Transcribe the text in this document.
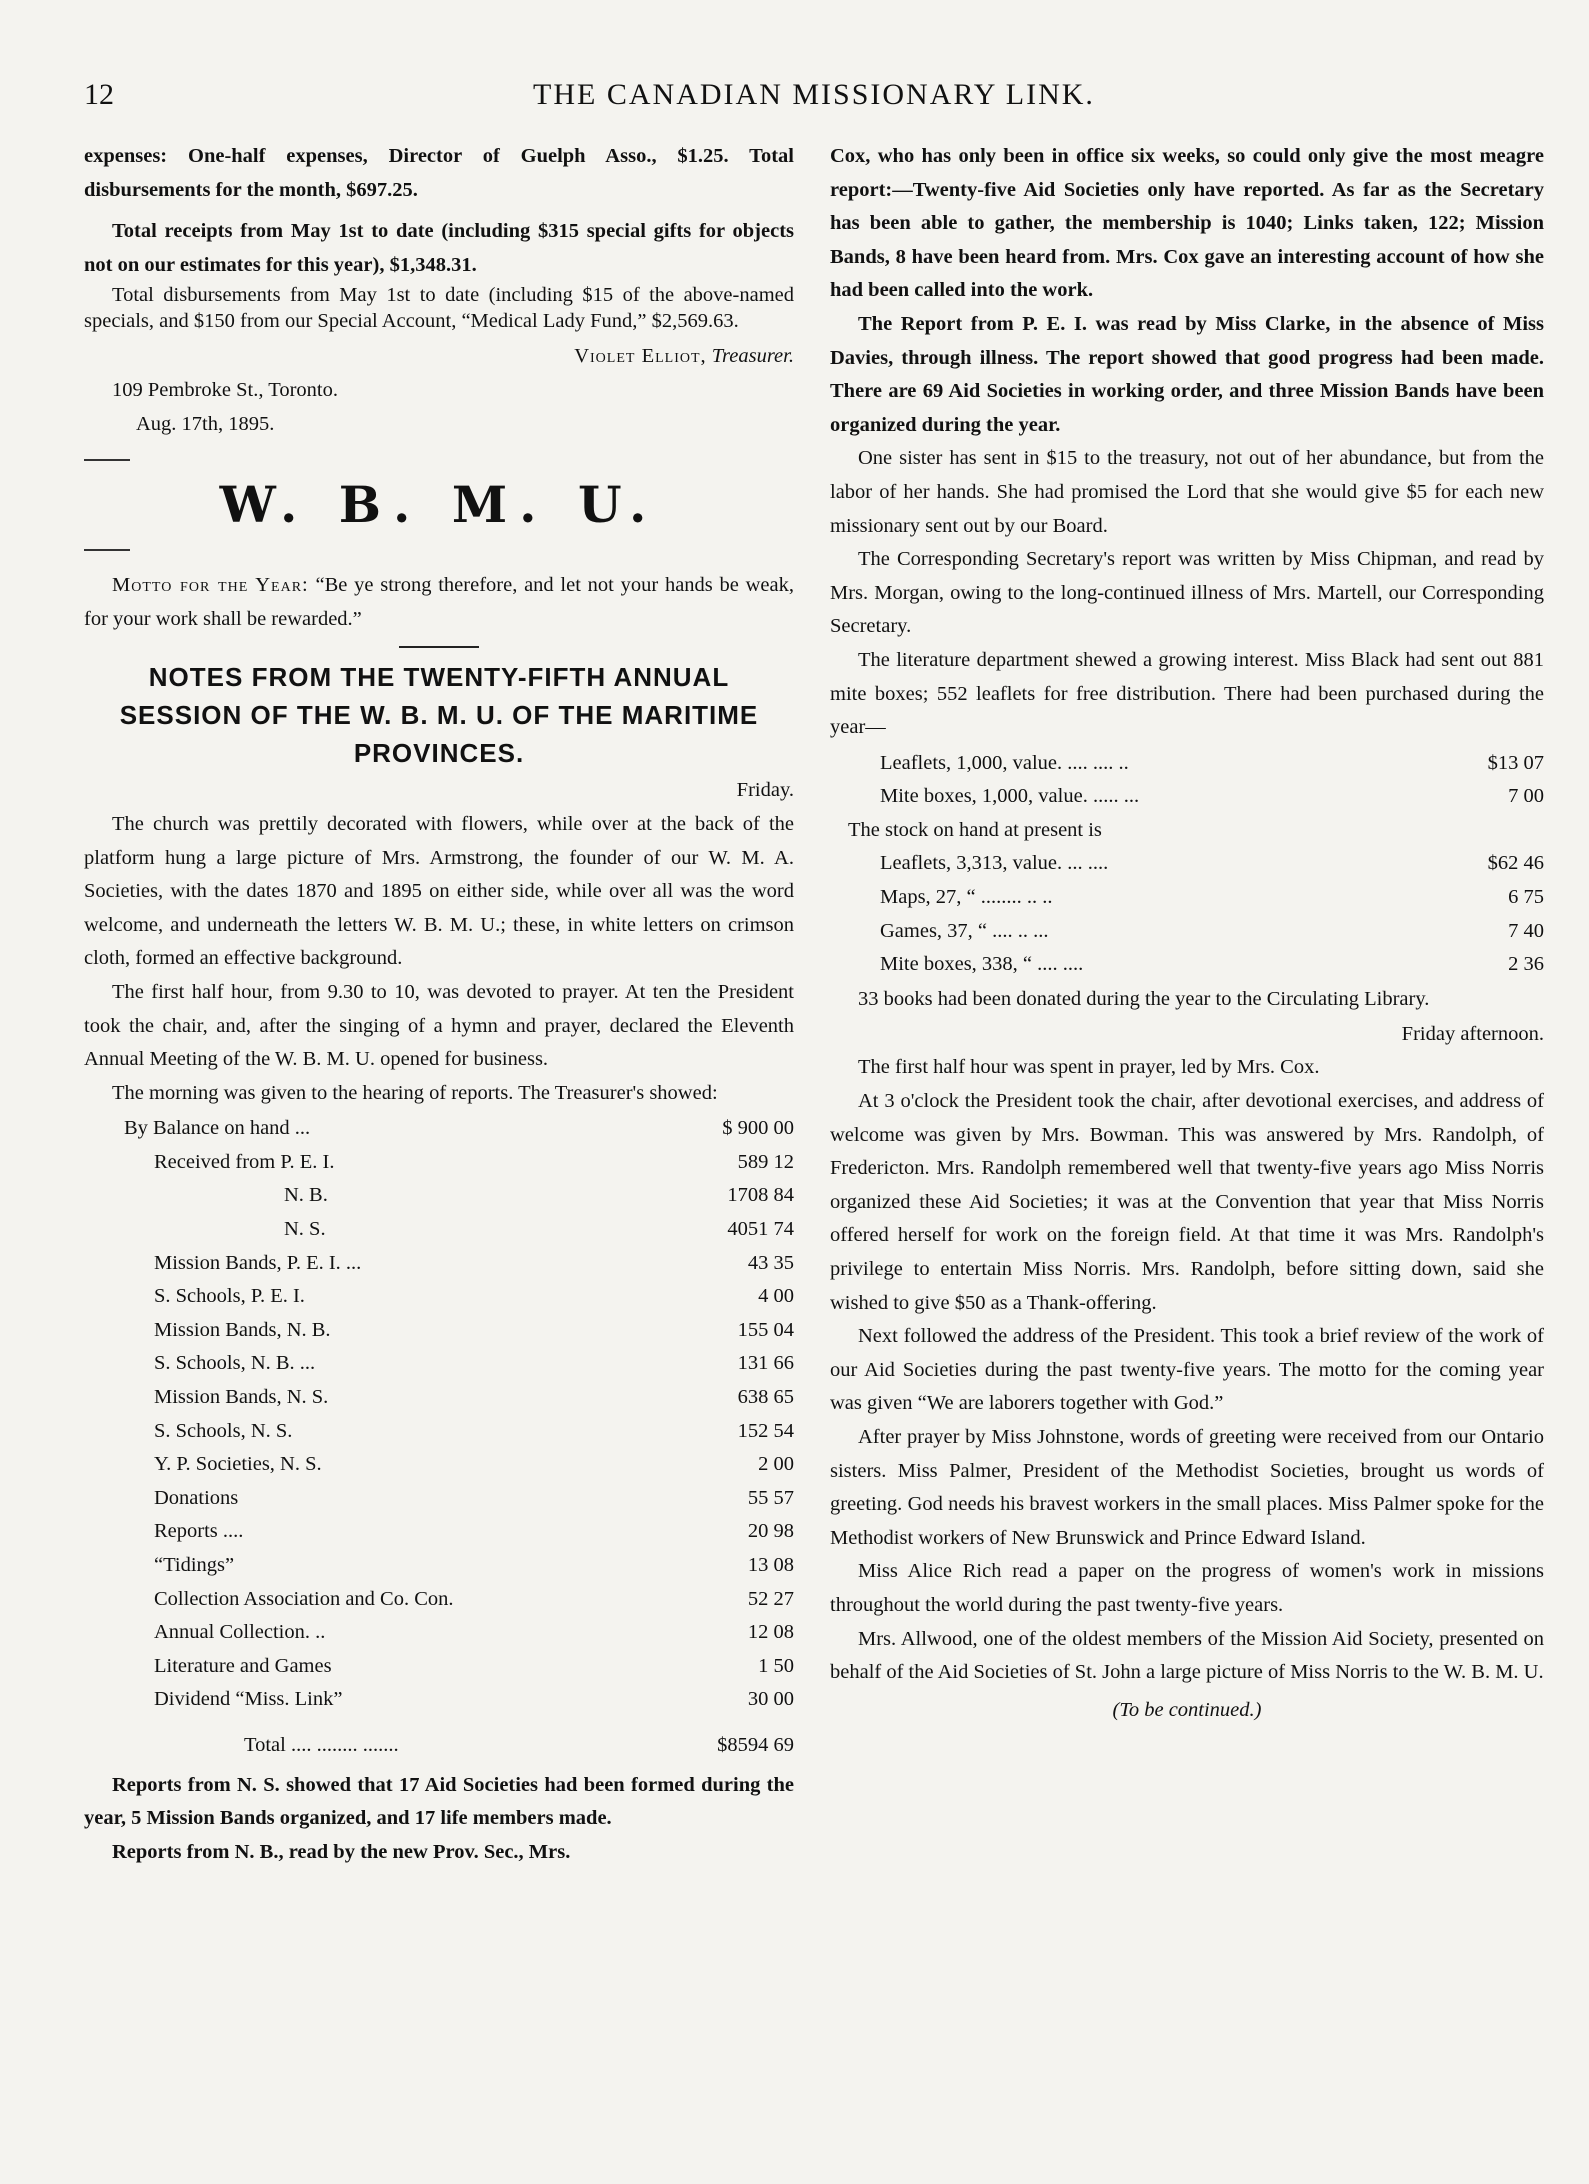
12	THE CANADIAN MISSIONARY LINK.

expenses: One-half expenses, Director of Guelph Asso., $1.25. Total disbursements for the month, $697.25.

Total receipts from May 1st to date (including $315 special gifts for objects not on our estimates for this year), $1,348.31.

Total disbursements from May 1st to date (including $15 of the above-named specials, and $150 from our Special Account, “Medical Lady Fund,” $2,569.63.

Violet Elliot, Treasurer.

109 Pembroke St., Toronto.

Aug. 17th, 1895.

W. B. M. U.

Motto for the Year: “Be ye strong therefore, and let not your hands be weak, for your work shall be rewarded.”

NOTES FROM THE TWENTY-FIFTH ANNUAL SESSION OF THE W. B. M. U. OF THE MARITIME PROVINCES.

Friday.

The church was prettily decorated with flowers, while over at the back of the platform hung a large picture of Mrs. Armstrong, the founder of our W. M. A. Societies, with the dates 1870 and 1895 on either side, while over all was the word welcome, and underneath the letters W. B. M. U.; these, in white letters on crimson cloth, formed an effective background.

The first half hour, from 9.30 to 10, was devoted to prayer. At ten the President took the chair, and, after the singing of a hymn and prayer, declared the Eleventh Annual Meeting of the W. B. M. U. opened for business.

The morning was given to the hearing of reports. The Treasurer's showed:

By Balance on hand ...	$ 900 00
Received from P. E. I.	589 12
N. B.	1708 84
N. S.	4051 74
Mission Bands, P. E. I. ...	43 35
S. Schools, P. E. I.	4 00
Mission Bands, N. B.	155 04
S. Schools, N. B. ...	131 66
Mission Bands, N. S.	638 65
S. Schools, N. S.	152 54
Y. P. Societies, N. S.	2 00
Donations	55 57
Reports ....	20 98
“Tidings”	13 08
Collection Association and Co. Con.	52 27
Annual Collection. ..	12 08
Literature and Games	1 50
Dividend “Miss. Link”	30 00
Total .... ........ .......	$8594 69

Reports from N. S. showed that 17 Aid Societies had been formed during the year, 5 Mission Bands organized, and 17 life members made.

Reports from N. B., read by the new Prov. Sec., Mrs.

Cox, who has only been in office six weeks, so could only give the most meagre report:—Twenty-five Aid Societies only have reported. As far as the Secretary has been able to gather, the membership is 1040; Links taken, 122; Mission Bands, 8 have been heard from. Mrs. Cox gave an interesting account of how she had been called into the work.

The Report from P. E. I. was read by Miss Clarke, in the absence of Miss Davies, through illness. The report showed that good progress had been made. There are 69 Aid Societies in working order, and three Mission Bands have been organized during the year.

One sister has sent in $15 to the treasury, not out of her abundance, but from the labor of her hands. She had promised the Lord that she would give $5 for each new missionary sent out by our Board.

The Corresponding Secretary's report was written by Miss Chipman, and read by Mrs. Morgan, owing to the long-continued illness of Mrs. Martell, our Corresponding Secretary.

The literature department shewed a growing interest. Miss Black had sent out 881 mite boxes; 552 leaflets for free distribution. There had been purchased during the year—

Leaflets, 1,000, value. .... .... ..	$13 07
Mite boxes, 1,000, value. ..... ...	7 00
The stock on hand at present is	
Leaflets, 3,313, value. ... ....	$62 46
Maps, 27, “ ........ .. ..	6 75
Games, 37, “ .... .. ...	7 40
Mite boxes, 338, “ .... ....	2 36

33 books had been donated during the year to the Circulating Library.

Friday afternoon.

The first half hour was spent in prayer, led by Mrs. Cox.

At 3 o'clock the President took the chair, after devotional exercises, and address of welcome was given by Mrs. Bowman. This was answered by Mrs. Randolph, of Fredericton. Mrs. Randolph remembered well that twenty-five years ago Miss Norris organized these Aid Societies; it was at the Convention that year that Miss Norris offered herself for work on the foreign field. At that time it was Mrs. Randolph's privilege to entertain Miss Norris. Mrs. Randolph, before sitting down, said she wished to give $50 as a Thank-offering.

Next followed the address of the President. This took a brief review of the work of our Aid Societies during the past twenty-five years. The motto for the coming year was given “We are laborers together with God.”

After prayer by Miss Johnstone, words of greeting were received from our Ontario sisters. Miss Palmer, President of the Methodist Societies, brought us words of greeting. God needs his bravest workers in the small places. Miss Palmer spoke for the Methodist workers of New Brunswick and Prince Edward Island.

Miss Alice Rich read a paper on the progress of women's work in missions throughout the world during the past twenty-five years.

Mrs. Allwood, one of the oldest members of the Mission Aid Society, presented on behalf of the Aid Societies of St. John a large picture of Miss Norris to the W. B. M. U.

(To be continued.)
